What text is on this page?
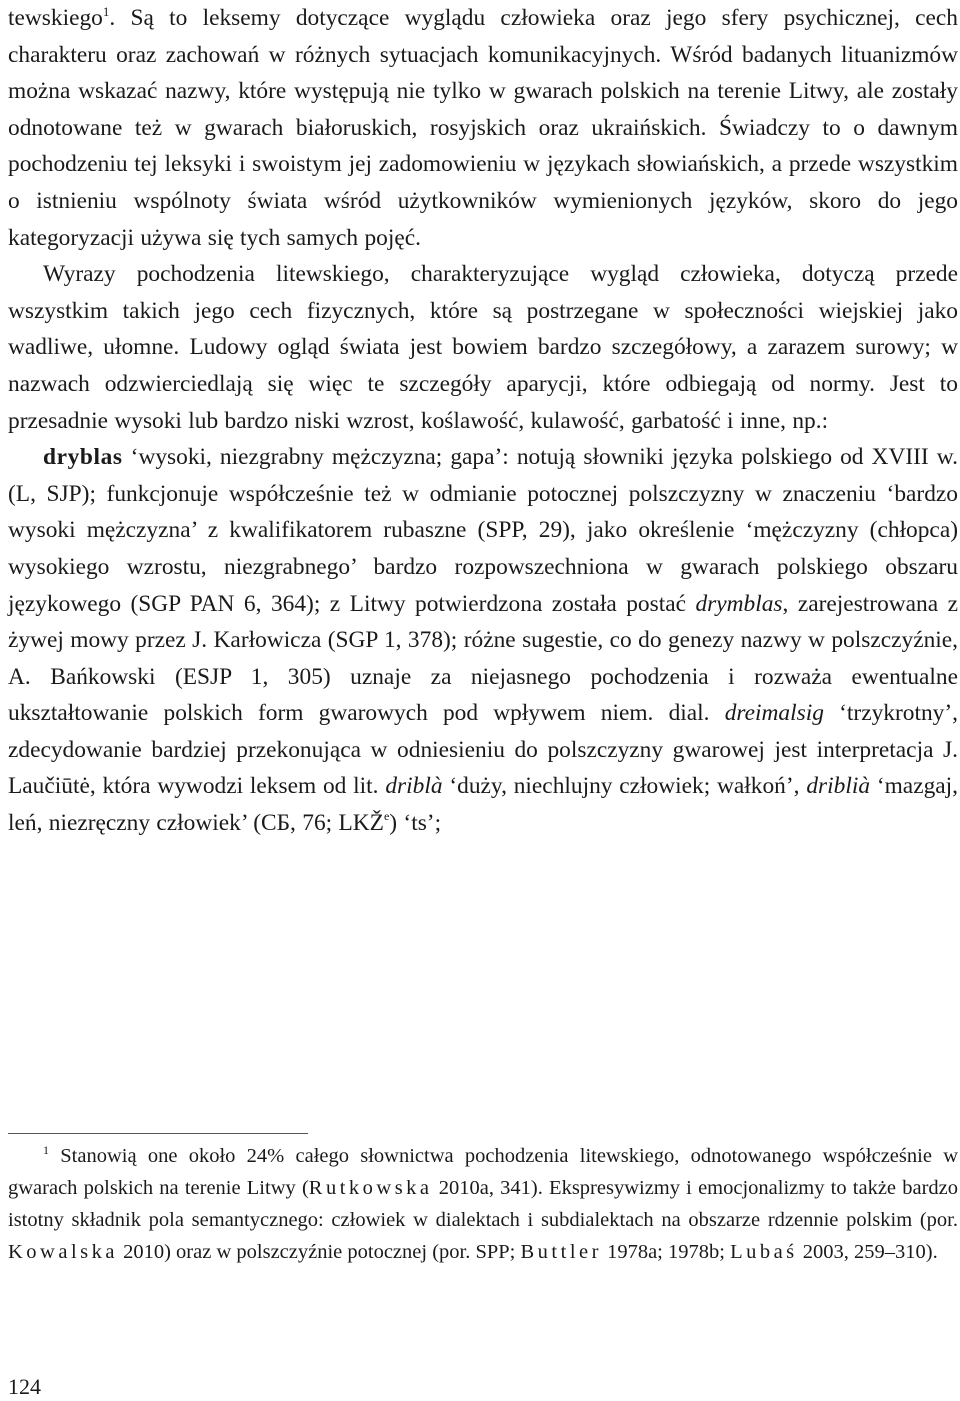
tewskiego$^1$. Są to leksemy dotyczące wyglądu człowieka oraz jego sfery psychicznej, cech charakteru oraz zachowań w różnych sytuacjach komunikacyjnych. Wśród badanych lituanizmów można wskazać nazwy, które występują nie tylko w gwarach polskich na terenie Litwy, ale zostały odnotowane też w gwarach białoruskich, rosyjskich oraz ukraińskich. Świadczy to o dawnym pochodzeniu tej leksyki i swoistym jej zadomowieniu w językach słowiańskich, a przede wszystkim o istnieniu wspólnoty świata wśród użytkowników wymienionych języków, skoro do jego kategoryzacji używa się tych samych pojęć.

Wyrazy pochodzenia litewskiego, charakteryzujące wygląd człowieka, dotyczą przede wszystkim takich jego cech fizycznych, które są postrzegane w społeczności wiejskiej jako wadliwe, ułomne. Ludowy ogląd świata jest bowiem bardzo szczegółowy, a zarazem surowy; w nazwach odzwierciedlają się więc te szczegóły aparycji, które odbiegają od normy. Jest to przesadnie wysoki lub bardzo niski wzrost, koślawość, kulawość, garbatość i inne, np.:

dryblas ‘wysoki, niezgrabny mężczyzna; gapa’: notują słowniki języka polskiego od XVIII w. (L, SJP); funkcjonuje współcześnie też w odmianie potocznej polszczyzny w znaczeniu ‘bardzo wysoki mężczyzna’ z kwalifikatorem rubaszne (SPP, 29), jako określenie ‘mężczyzny (chłopca) wysokiego wzrostu, niezgrabnego’ bardzo rozpowszechniona w gwarach polskiego obszaru językowego (SGP PAN 6, 364); z Litwy potwierdzona została postać drymblas, zarejestrowana z żywej mowy przez J. Karłowicza (SGP 1, 378); różne sugestie, co do genezy nazwy w polszczyźnie, A. Bańkowski (ESJP 1, 305) uznaje za niejasnego pochodzenia i rozważa ewentualne ukształtowanie polskich form gwarowych pod wpływem niem. dial. dreimalsig ‘trzykrotny’, zdecydowanie bardziej przekonująca w odniesieniu do polszczyzny gwarowej jest interpretacja J. Laučiūtė, która wywodzi leksem od lit. driblà ‘duży, niechlujny człowiek; wałkoń’, driblià ‘mazgaj, leń, niezręczny człowiek’ (СБ, 76; LKŽ$^e$) ‘ts’;

$^1$ Stanowią one około 24% całego słownictwa pochodzenia litewskiego, odnotowanego współcześnie w gwarach polskich na terenie Litwy (Rutkowska 2010a, 341). Ekspresywizmy i emocjonalizmy to także bardzo istotny składnik pola semantycznego: człowiek w dialektach i subdialektach na obszarze rdzennie polskim (por. Kowalska 2010) oraz w polszczyźnie potocznej (por. SPP; Buttler 1978a; 1978b; Lubaś 2003, 259–310).

124
